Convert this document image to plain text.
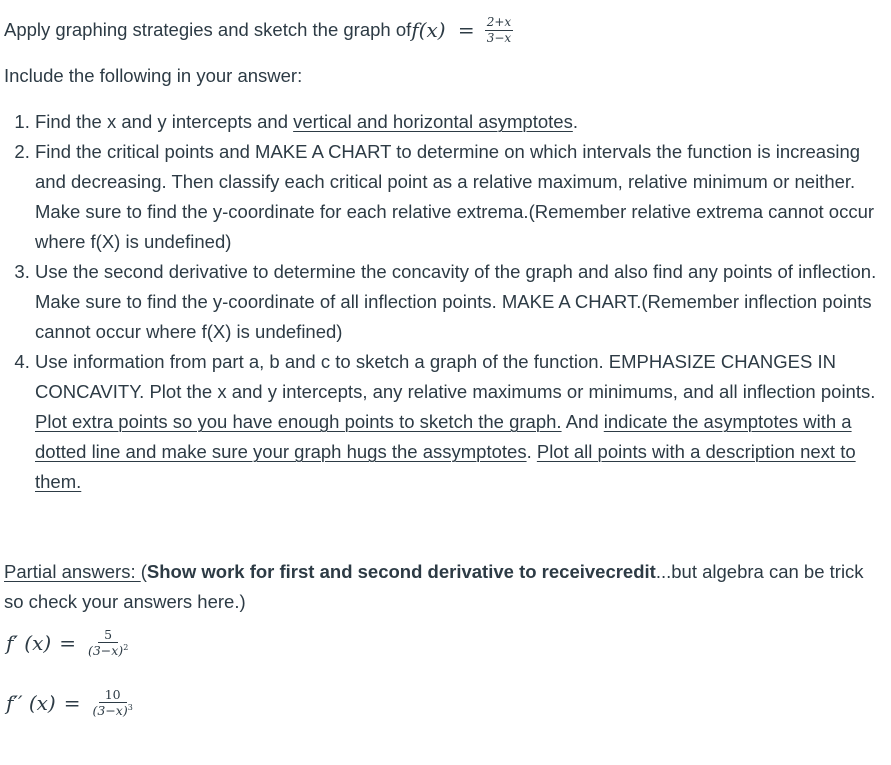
Apply graphing strategies and sketch the graph of $f(x) = \frac{2+x}{3-x}$
Include the following in your answer:
1. Find the x and y intercepts and vertical and horizontal asymptotes.
2. Find the critical points and MAKE A CHART to determine on which intervals the function is increasing and decreasing. Then classify each critical point as a relative maximum, relative minimum or neither. Make sure to find the y-coordinate for each relative extrema.(Remember relative extrema cannot occur where f(X) is undefined)
3. Use the second derivative to determine the concavity of the graph and also find any points of inflection. Make sure to find the y-coordinate of all inflection points. MAKE A CHART.(Remember inflection points cannot occur where f(X) is undefined)
4. Use information from part a, b and c to sketch a graph of the function. EMPHASIZE CHANGES IN CONCAVITY. Plot the x and y intercepts, any relative maximums or minimums, and all inflection points. Plot extra points so you have enough points to sketch the graph. And indicate the asymptotes with a dotted line and make sure your graph hugs the assymptotes. Plot all points with a description next to them.
Partial answers: (Show work for first and second derivative to receivecredit...but algebra can be trick so check your answers here.)
f′ $(x) = \frac{5}{(3-x)^2}$
f′′ $(x) = \frac{10}{(3-x)^3}$
